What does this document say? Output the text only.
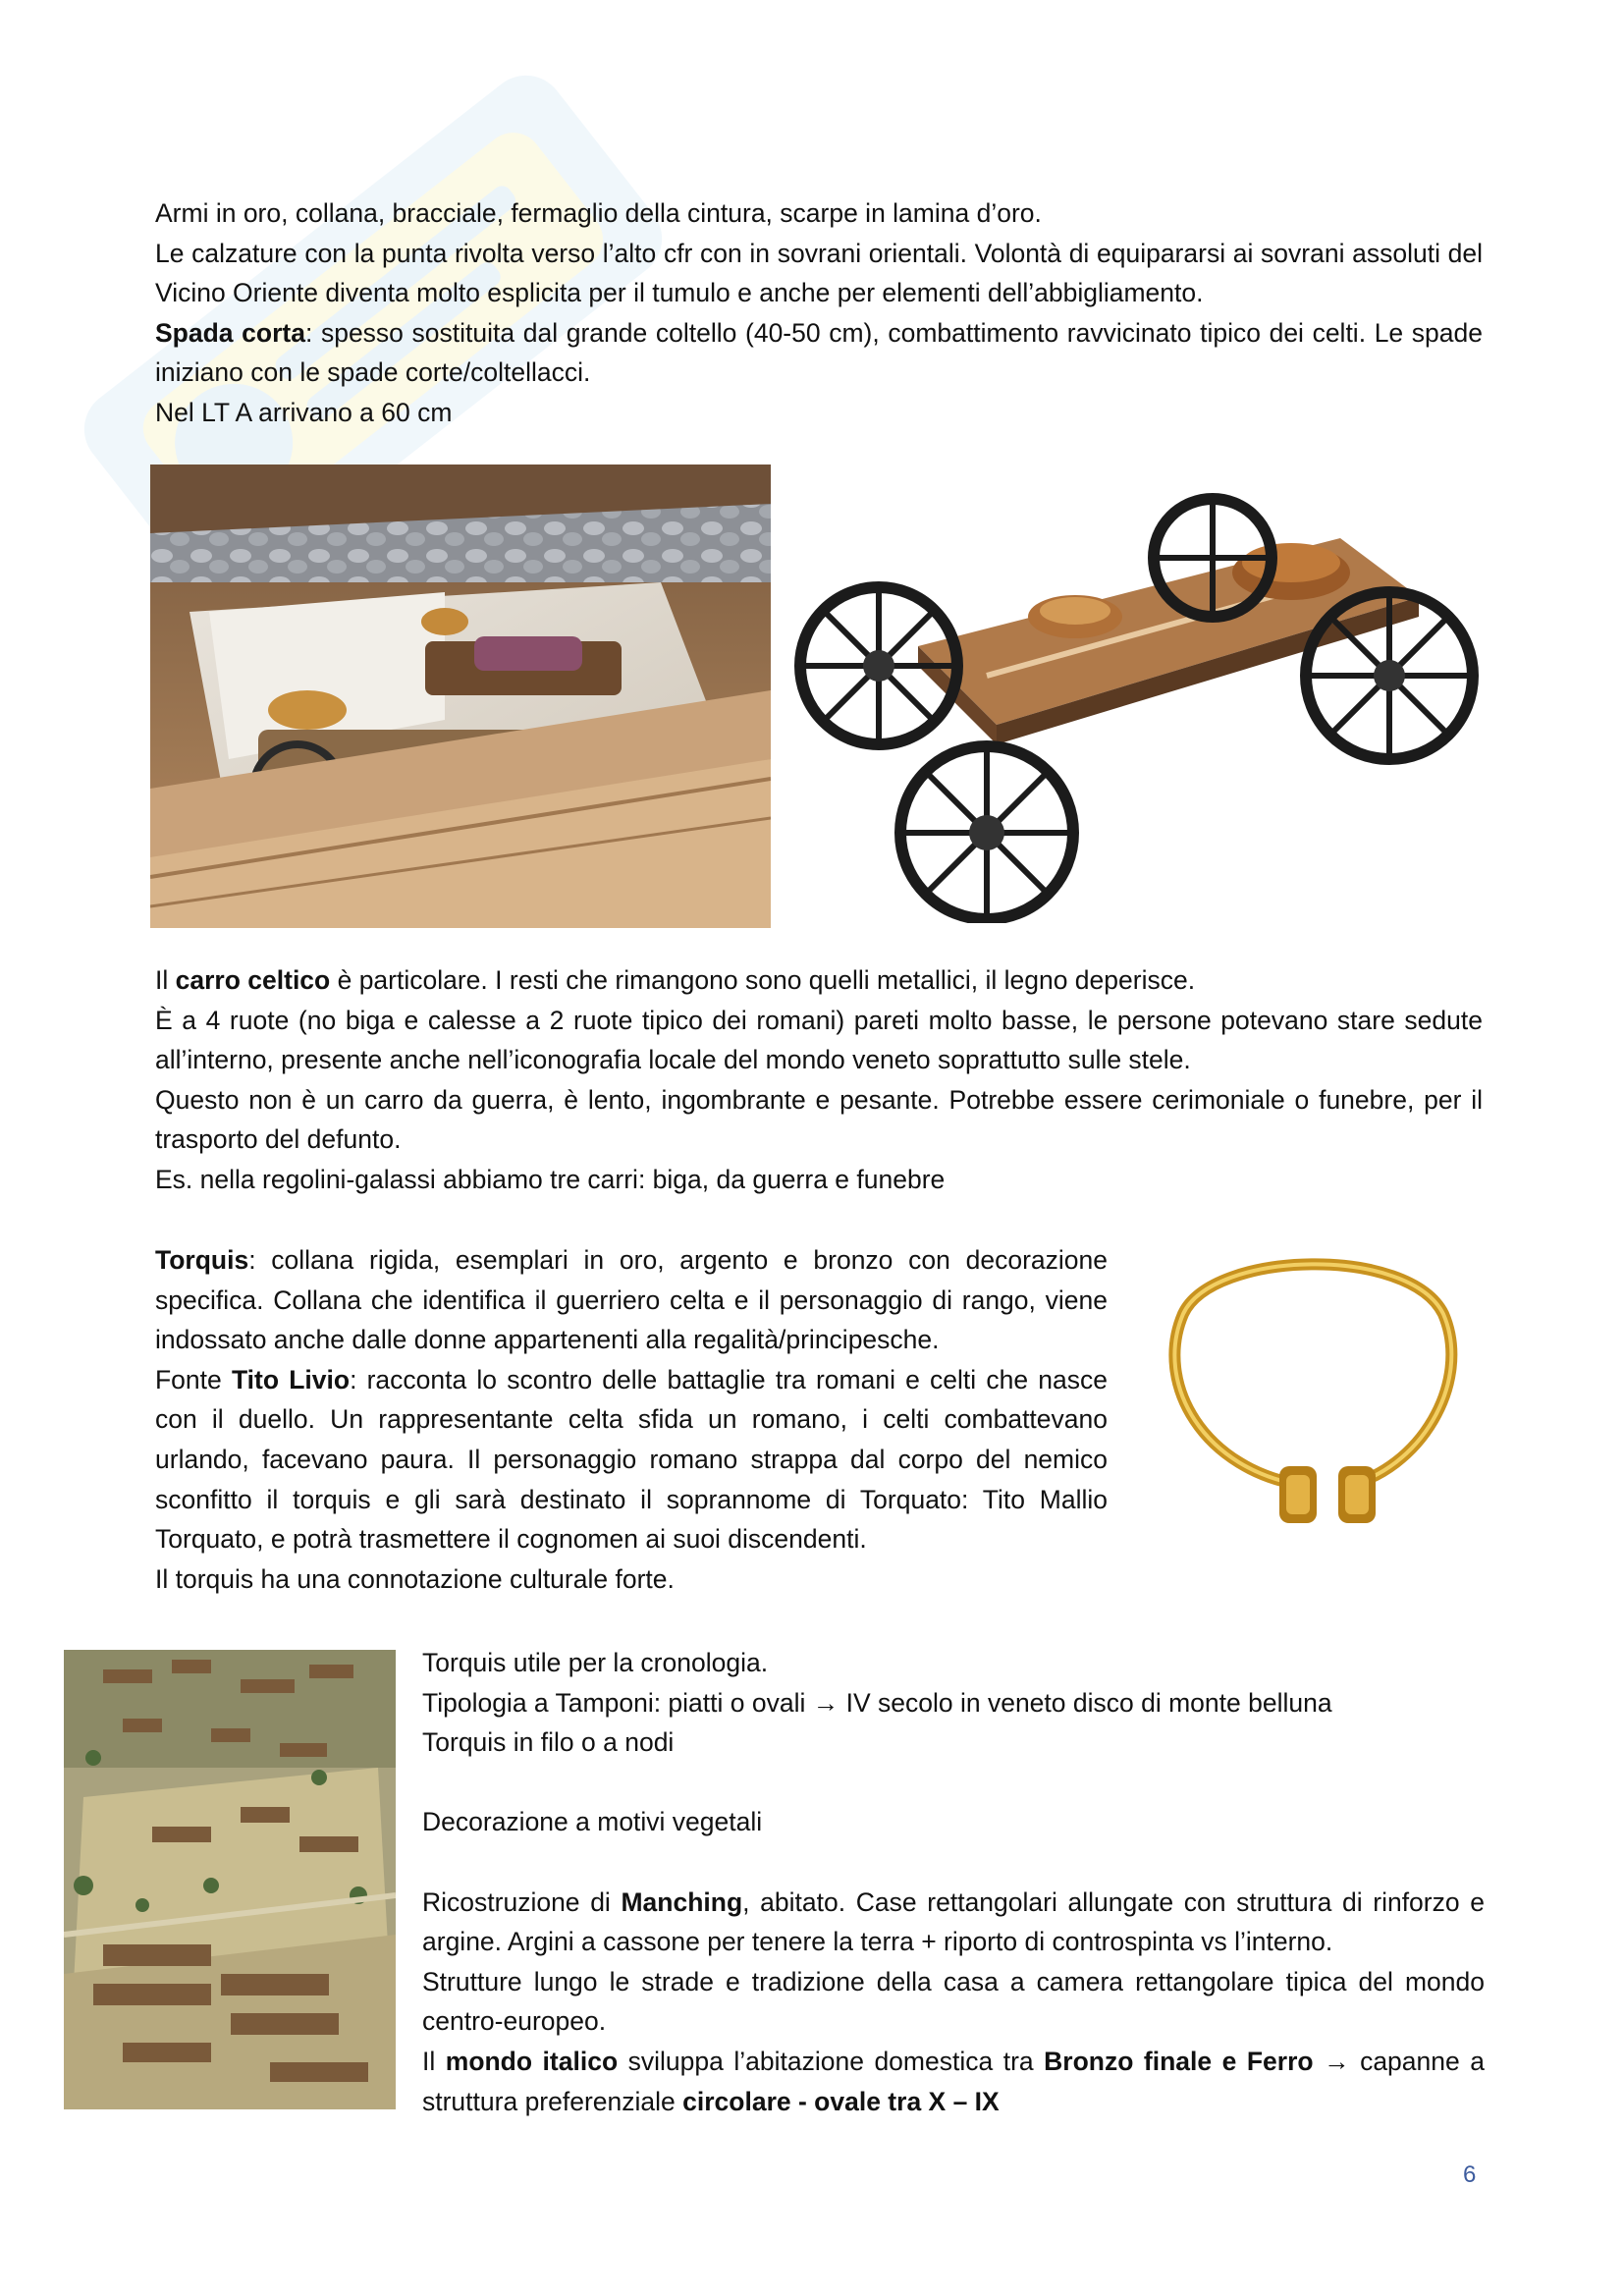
Armi in oro, collana, bracciale, fermaglio della cintura, scarpe in lamina d’oro.

Le calzature con la punta rivolta verso l’alto cfr con in sovrani orientali. Volontà di equipararsi ai sovrani assoluti del Vicino Oriente diventa molto esplicita per il tumulo e anche per elementi dell’abbigliamento.

Spada corta: spesso sostituita dal grande coltello (40-50 cm), combattimento ravvicinato tipico dei celti. Le spade iniziano con le spade corte/coltellacci.

Nel LT A arrivano a 60 cm

Il carro celtico è particolare. I resti che rimangono sono quelli metallici, il legno deperisce.

È a 4 ruote (no biga e calesse a 2 ruote tipico dei romani) pareti molto basse, le persone potevano stare sedute all’interno, presente anche nell’iconografia locale del mondo veneto soprattutto sulle stele.

Questo non è un carro da guerra, è lento, ingombrante e pesante. Potrebbe essere cerimoniale o funebre, per il trasporto del defunto.

Es. nella regolini-galassi abbiamo tre carri: biga, da guerra e funebre

Torquis: collana rigida, esemplari in oro, argento e bronzo con decorazione specifica. Collana che identifica il guerriero celta e il personaggio di rango, viene indossato anche dalle donne appartenenti alla regalità/principesche.

Fonte Tito Livio: racconta lo scontro delle battaglie tra romani e celti che nasce con il duello. Un rappresentante celta sfida un romano, i celti combattevano urlando, facevano paura. Il personaggio romano strappa dal corpo del nemico sconfitto il torquis e gli sarà destinato il soprannome di Torquato: Tito Mallio Torquato, e potrà trasmettere il cognomen ai suoi discendenti.

Il torquis ha una connotazione culturale forte.

Torquis utile per la cronologia.

Tipologia a Tamponi: piatti o ovali → IV secolo in veneto disco di monte belluna

Torquis in filo o a nodi

Decorazione a motivi vegetali

Ricostruzione di Manching, abitato. Case rettangolari allungate con struttura di rinforzo e argine. Argini a cassone per tenere la terra + riporto di controspinta vs l’interno.

Strutture lungo le strade e tradizione della casa a camera rettangolare tipica del mondo centro-europeo.

Il mondo italico sviluppa l’abitazione domestica tra Bronzo finale e Ferro → capanne a struttura preferenziale circolare - ovale tra X – IX

6
